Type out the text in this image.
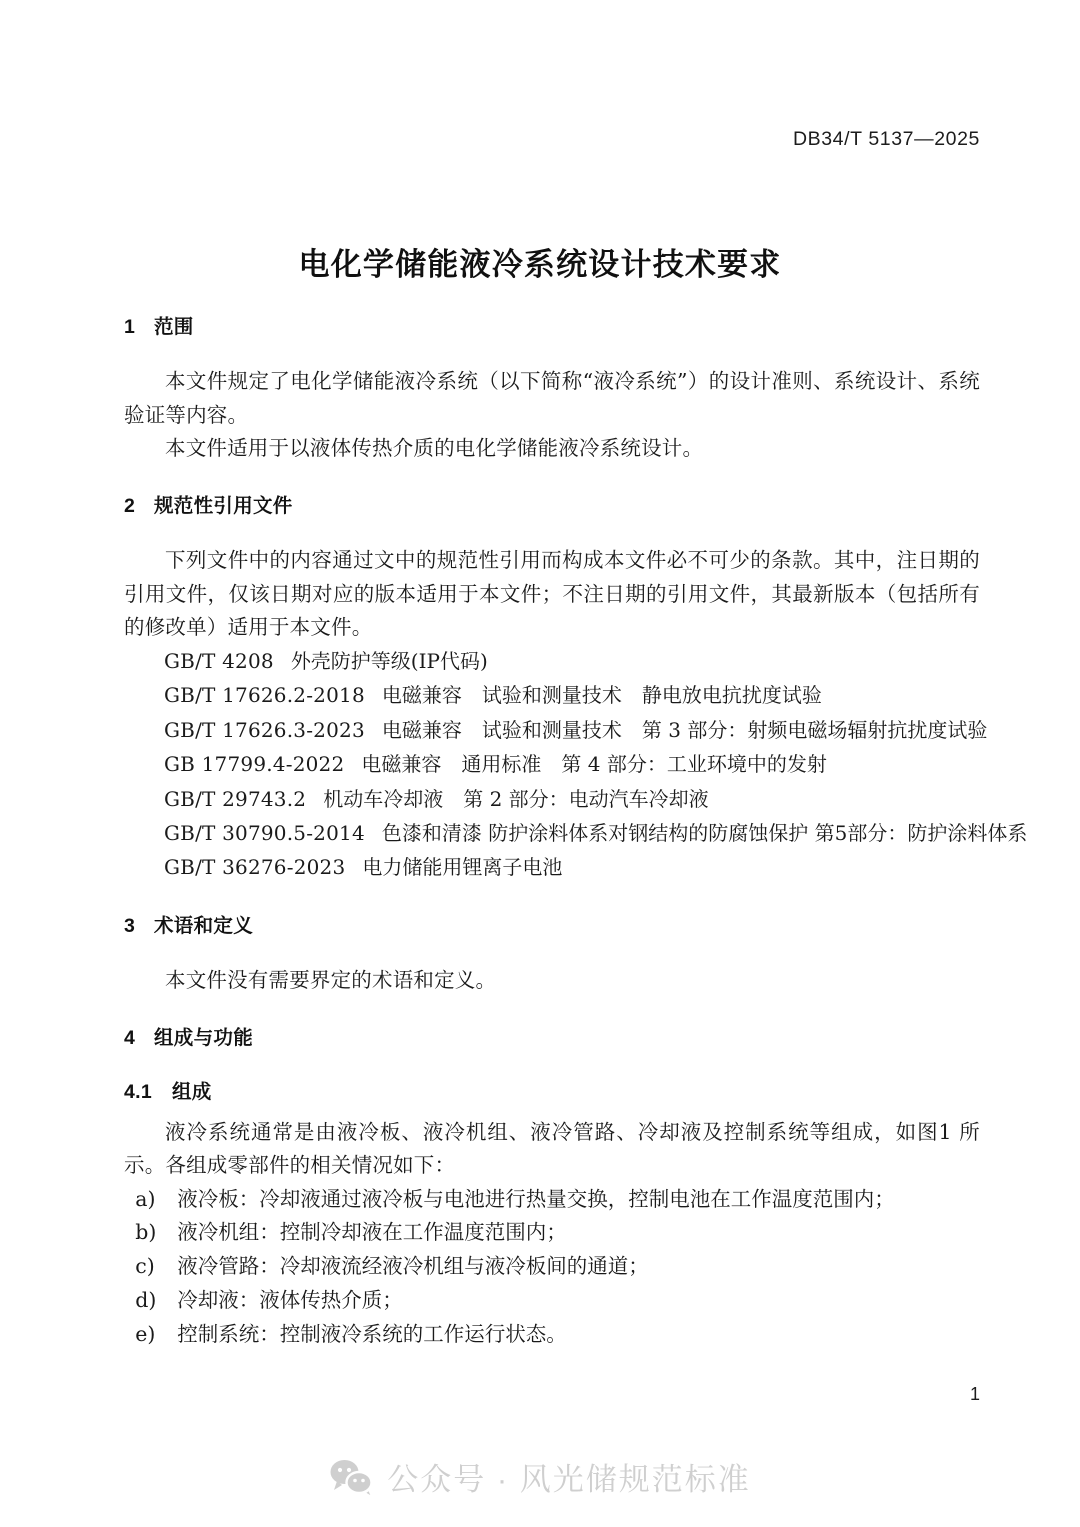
DB34/T 5137—2025
电化学储能液冷系统设计技术要求
1 范围

本文件规定了电化学储能液冷系统（以下简称“液冷系统”）的设计准则、系统设计、系统验证等内容。

本文件适用于以液体传热介质的电化学储能液冷系统设计。

2 规范性引用文件

下列文件中的内容通过文中的规范性引用而构成本文件必不可少的条款。其中，注日期的引用文件，仅该日期对应的版本适用于本文件；不注日期的引用文件，其最新版本（包括所有的修改单）适用于本文件。

GB/T 4208 外壳防护等级(IP代码)
GB/T 17626.2-2018 电磁兼容　试验和测量技术　静电放电抗扰度试验
GB/T 17626.3-2023 电磁兼容　试验和测量技术　第 3 部分：射频电磁场辐射抗扰度试验
GB 17799.4-2022 电磁兼容　通用标准　第 4 部分：工业环境中的发射
GB/T 29743.2 机动车冷却液　第 2 部分：电动汽车冷却液
GB/T 30790.5-2014 色漆和清漆 防护涂料体系对钢结构的防腐蚀保护 第5部分：防护涂料体系
GB/T 36276-2023 电力储能用锂离子电池
3 术语和定义

本文件没有需要界定的术语和定义。

4 组成与功能
4.1 组成

液冷系统通常是由液冷板、液冷机组、液冷管路、冷却液及控制系统等组成，如图1 所示。各组成零部件的相关情况如下：

a)	液冷板：冷却液通过液冷板与电池进行热量交换，控制电池在工作温度范围内；
b)	液冷机组：控制冷却液在工作温度范围内；
c)	液冷管路：冷却液流经液冷机组与液冷板间的通道；
d)	冷却液：液体传热介质；
e)	控制系统：控制液冷系统的工作运行状态。
1
公众号 · 风光储规范标准
